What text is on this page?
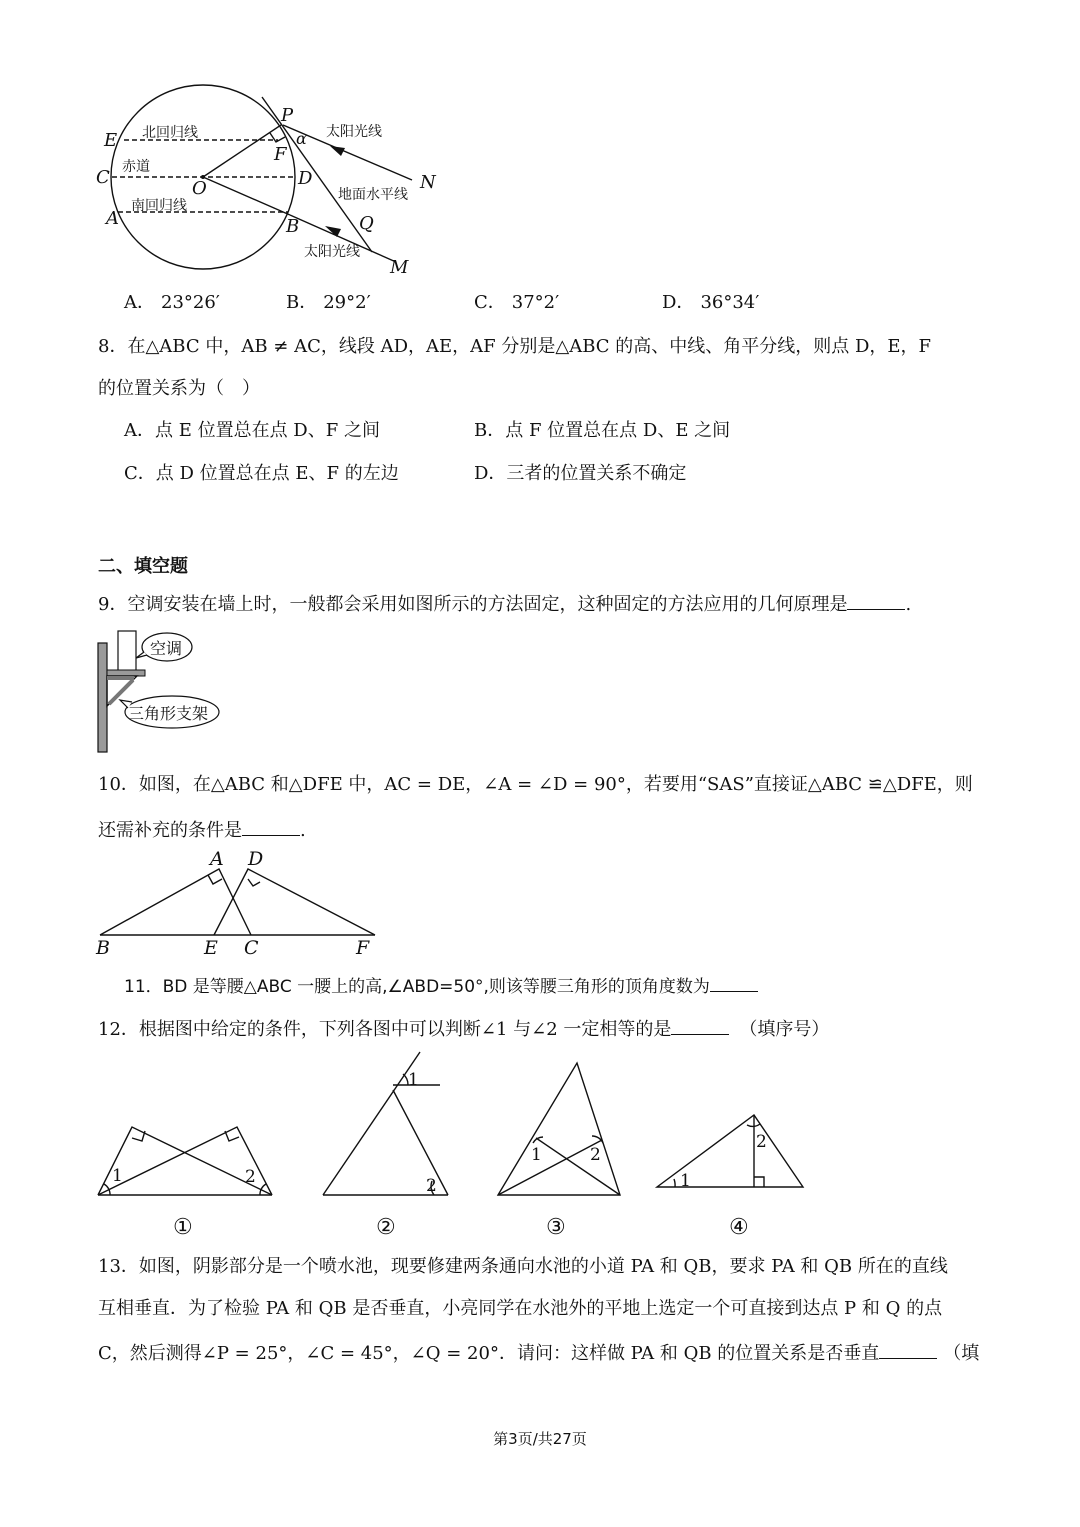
P
E
C
A
O
F
D
B	Q
N
M
α
北回归线
赤道
南回归线
太阳光线
太阳光线
地面水平线
A． 23°26′	B． 29°2′	C． 37°2′	D． 36°34′
8．在△ABC 中，AB ≠ AC，线段 AD，AE，AF 分别是△ABC 的高、中线、角平分线，则点 D，E，F
的位置关系为（　）
A．点 E 位置总在点 D、F 之间	B．点 F 位置总在点 D、E 之间
C．点 D 位置总在点 E、F 的左边	D．三者的位置关系不确定
二、填空题
9．空调安装在墙上时，一般都会采用如图所示的方法固定，这种固定的方法应用的几何原理是	.
空调
三角形支架
10．如图，在△ABC 和△DFE 中，AC = DE，∠A = ∠D = 90°，若要用“SAS”直接证△ABC ≌△DFE，则
还需补充的条件是	.
A D
B	E C	F
11．BD 是等腰△ABC 一腰上的高,∠ABD=50°,则该等腰三角形的顶角度数为
12．根据图中给定的条件，下列各图中可以判断∠1 与∠2 一定相等的是	（填序号）
1	2
1
2
1	2
1
2
①	②	③	④
13．如图，阴影部分是一个喷水池，现要修建两条通向水池的小道 PA 和 QB，要求 PA 和 QB 所在的直线
互相垂直．为了检验 PA 和 QB 是否垂直，小亮同学在水池外的平地上选定一个可直接到达点 P 和 Q 的点
C，然后测得∠P = 25°，∠C = 45°，∠Q = 20°．请问：这样做 PA 和 QB 的位置关系是否垂直	（填
第3页/共27页
